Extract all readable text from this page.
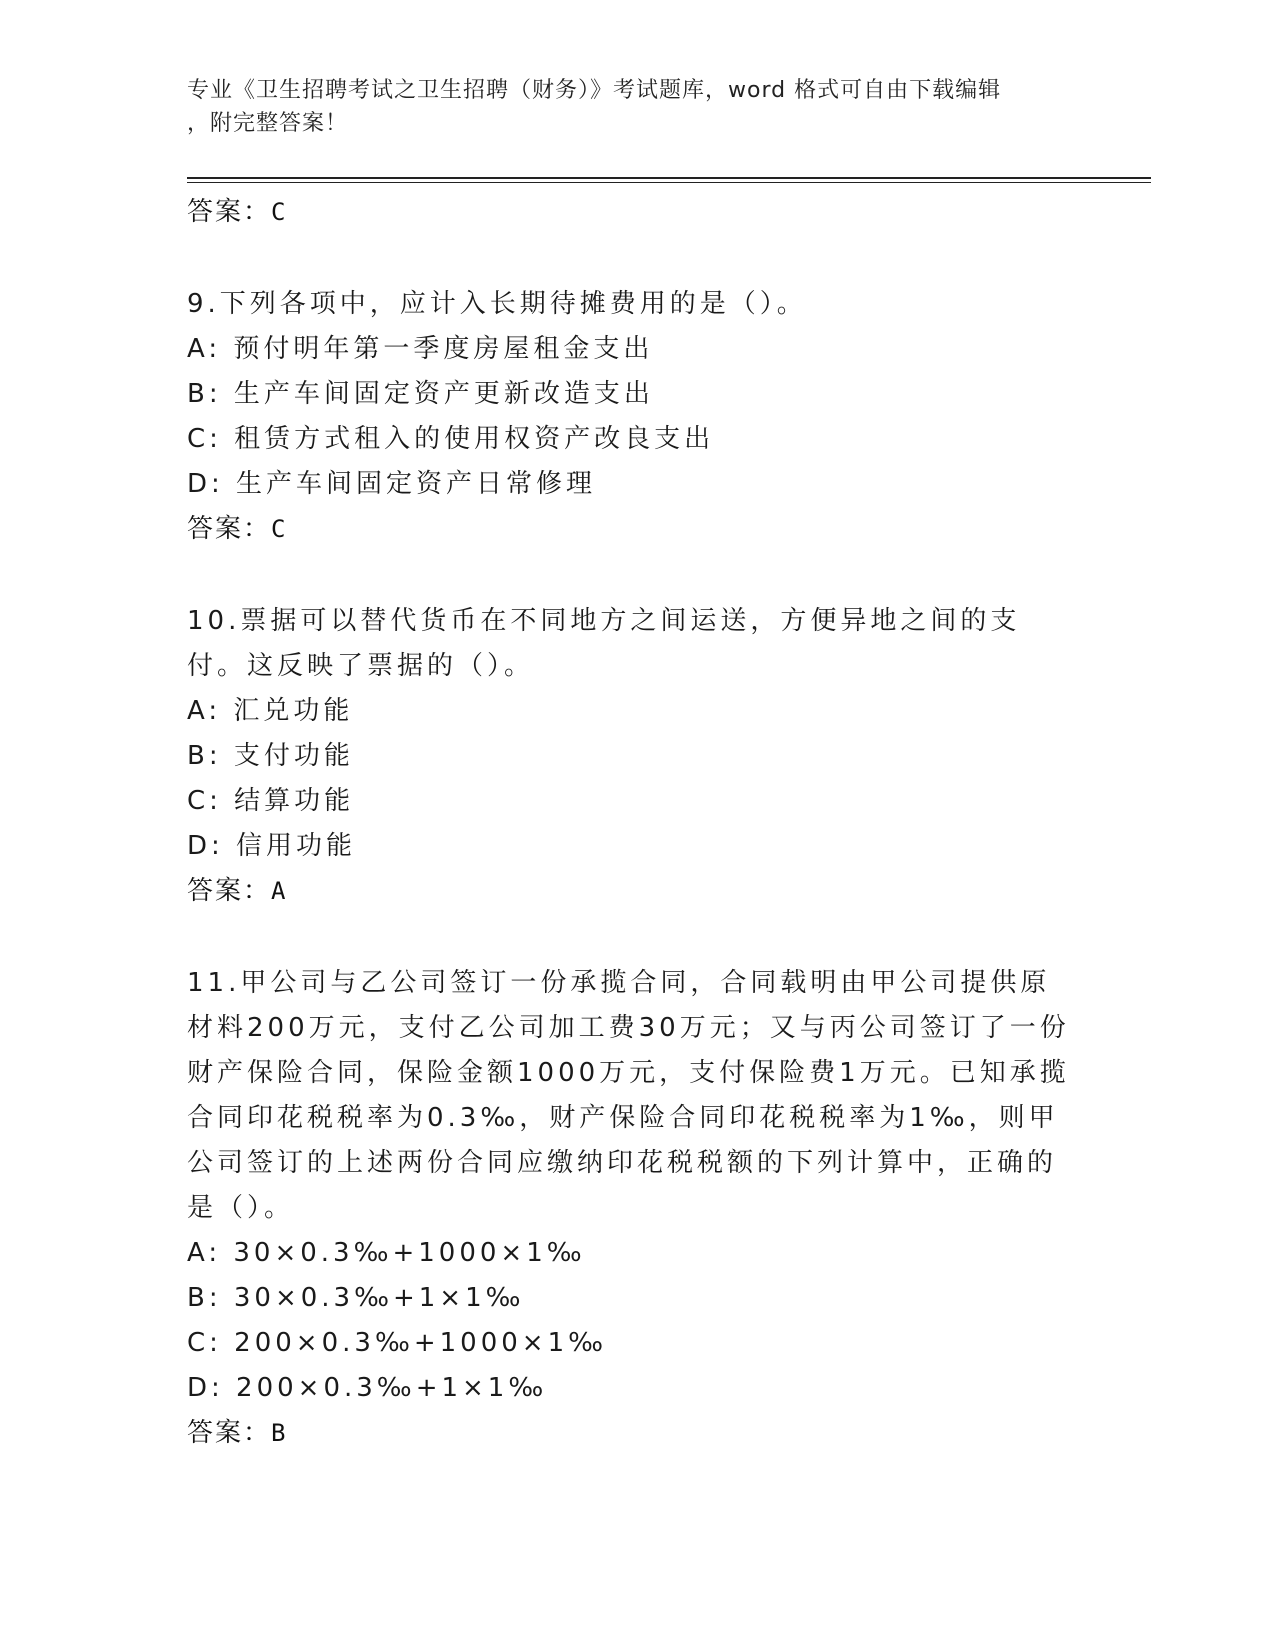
专业《卫生招聘考试之卫生招聘（财务）》考试题库，word 格式可自由下载编辑

，附完整答案！

答案：C

9.下列各项中，应计入长期待摊费用的是（）。

A: 预付明年第一季度房屋租金支出

B: 生产车间固定资产更新改造支出

C: 租赁方式租入的使用权资产改良支出

D: 生产车间固定资产日常修理

答案：C

10.票据可以替代货币在不同地方之间运送，方便异地之间的支付。这反映了票据的（）。

A: 汇兑功能

B: 支付功能

C: 结算功能

D: 信用功能

答案：A

11.甲公司与乙公司签订一份承揽合同，合同载明由甲公司提供原材料200万元，支付乙公司加工费30万元；又与丙公司签订了一份财产保险合同，保险金额1000万元，支付保险费1万元。已知承揽合同印花税税率为0.3‰，财产保险合同印花税税率为1‰，则甲公司签订的上述两份合同应缴纳印花税税额的下列计算中，正确的是（）。

A: 30×0.3‰+1000×1‰

B: 30×0.3‰+1×1‰

C: 200×0.3‰+1000×1‰

D: 200×0.3‰+1×1‰

答案：B
